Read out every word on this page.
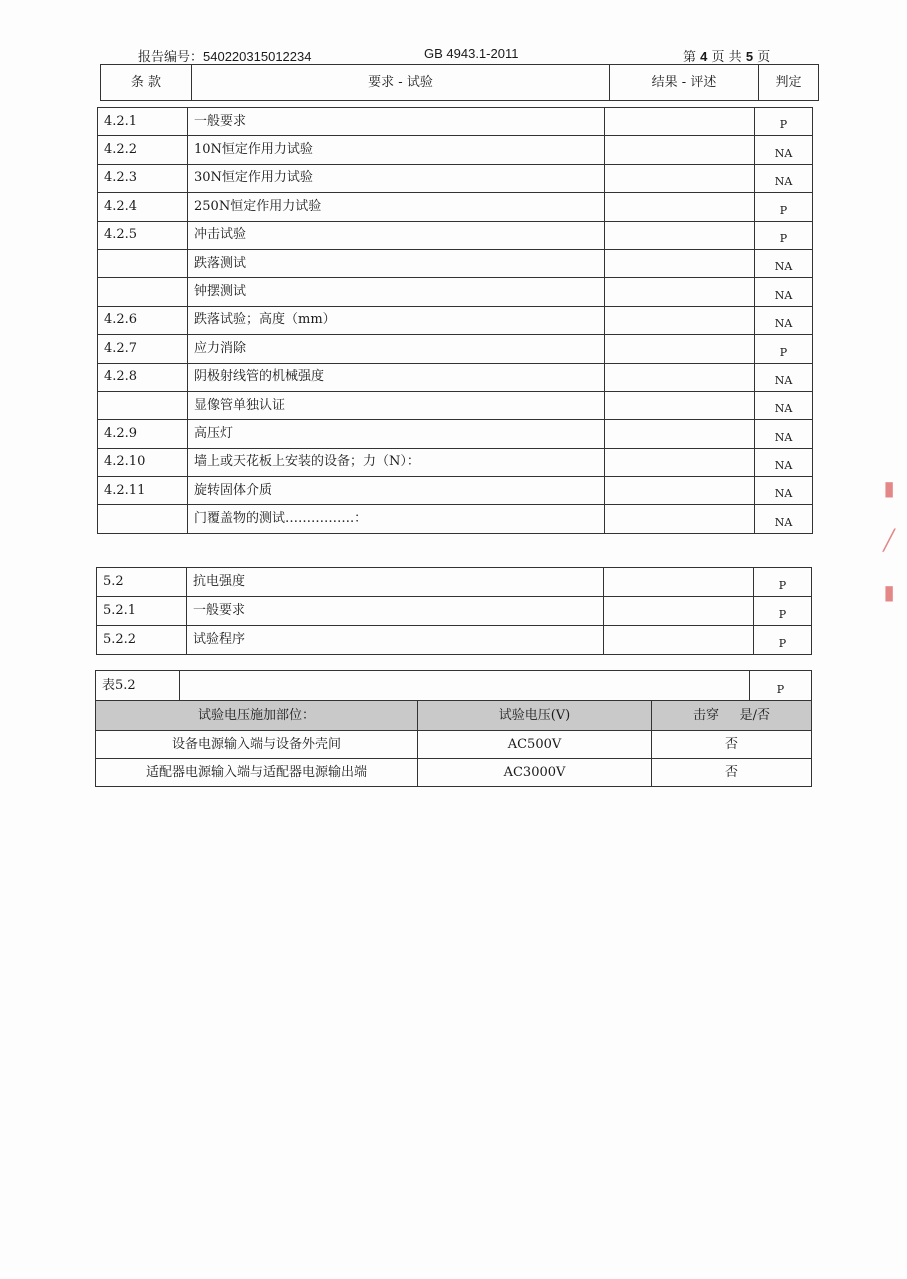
报告编号：540220315012234	GB 4943.1-2011	第 4 页 共 5 页
条 款	要求 - 试验	结果 - 评述	判定
4.2.1	一般要求		P
4.2.2	10N恒定作用力试验		NA
4.2.3	30N恒定作用力试验		NA
4.2.4	250N恒定作用力试验		P
4.2.5	冲击试验		P
	跌落测试		NA
	钟摆测试		NA
4.2.6	跌落试验；高度（mm）		NA
4.2.7	应力消除		P
4.2.8	阴极射线管的机械强度		NA
	显像管单独认证		NA
4.2.9	高压灯		NA
4.2.10	墙上或天花板上安装的设备；力（N）：		NA
4.2.11	旋转固体介质		NA
	门覆盖物的测试…………….：		NA
5.2	抗电强度		P
5.2.1	一般要求		P
5.2.2	试验程序		P
表5.2		P
试验电压施加部位：	试验电压(V)	击穿     是/否
设备电源输入端与设备外壳间	AC500V	否
适配器电源输入端与适配器电源输出端	AC3000V	否
▮
╱
▮
